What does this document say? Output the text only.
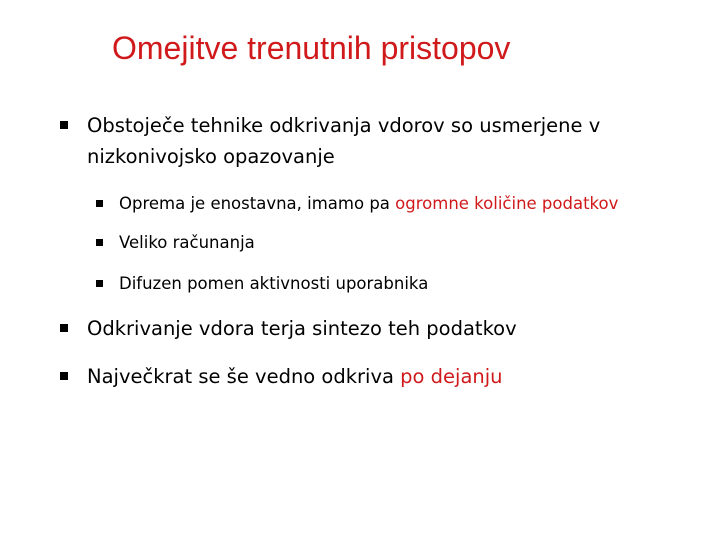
Omejitve trenutnih pristopov
Obstoječe tehnike odkrivanja vdorov so usmerjene v
nizkonivojsko opazovanje
Oprema je enostavna, imamo pa ogromne količine podatkov
Veliko računanja
Difuzen pomen aktivnosti uporabnika
Odkrivanje vdora terja sintezo teh podatkov
Največkrat se še vedno odkriva po dejanju
